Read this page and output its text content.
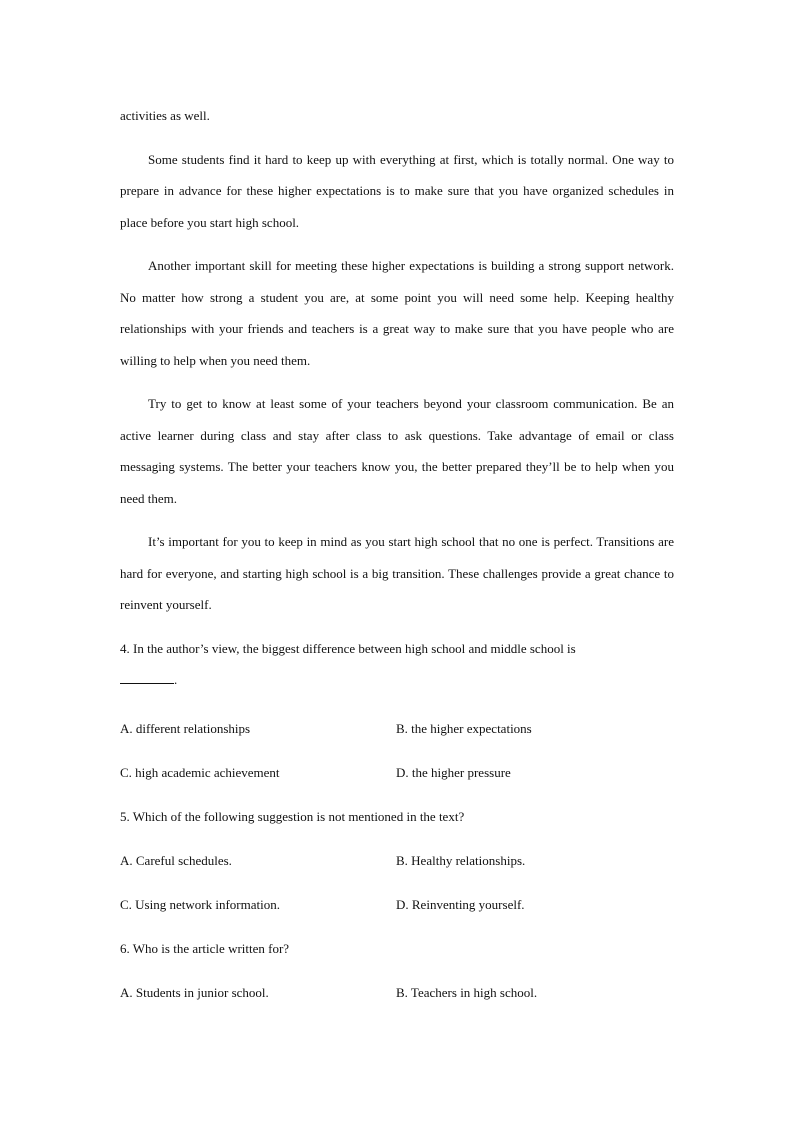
activities as well.

Some students find it hard to keep up with everything at first, which is totally normal. One way to prepare in advance for these higher expectations is to make sure that you have organized schedules in place before you start high school.

Another important skill for meeting these higher expectations is building a strong support network. No matter how strong a student you are, at some point you will need some help. Keeping healthy relationships with your friends and teachers is a great way to make sure that you have people who are willing to help when you need them.

Try to get to know at least some of your teachers beyond your classroom communication. Be an active learner during class and stay after class to ask questions. Take advantage of email or class messaging systems. The better your teachers know you, the better prepared they’ll be to help when you need them.

It’s important for you to keep in mind as you start high school that no one is perfect. Transitions are hard for everyone, and starting high school is a big transition. These challenges provide a great chance to reinvent yourself.

4. In the author’s view, the biggest difference between high school and middle school is
.

A. different relationships	B. the higher expectations
C. high academic achievement	D. the higher pressure

5. Which of the following suggestion is not mentioned in the text?

A. Careful schedules.	B. Healthy relationships.
C. Using network information.	D. Reinventing yourself.

6. Who is the article written for?

A. Students in junior school.	B. Teachers in high school.
